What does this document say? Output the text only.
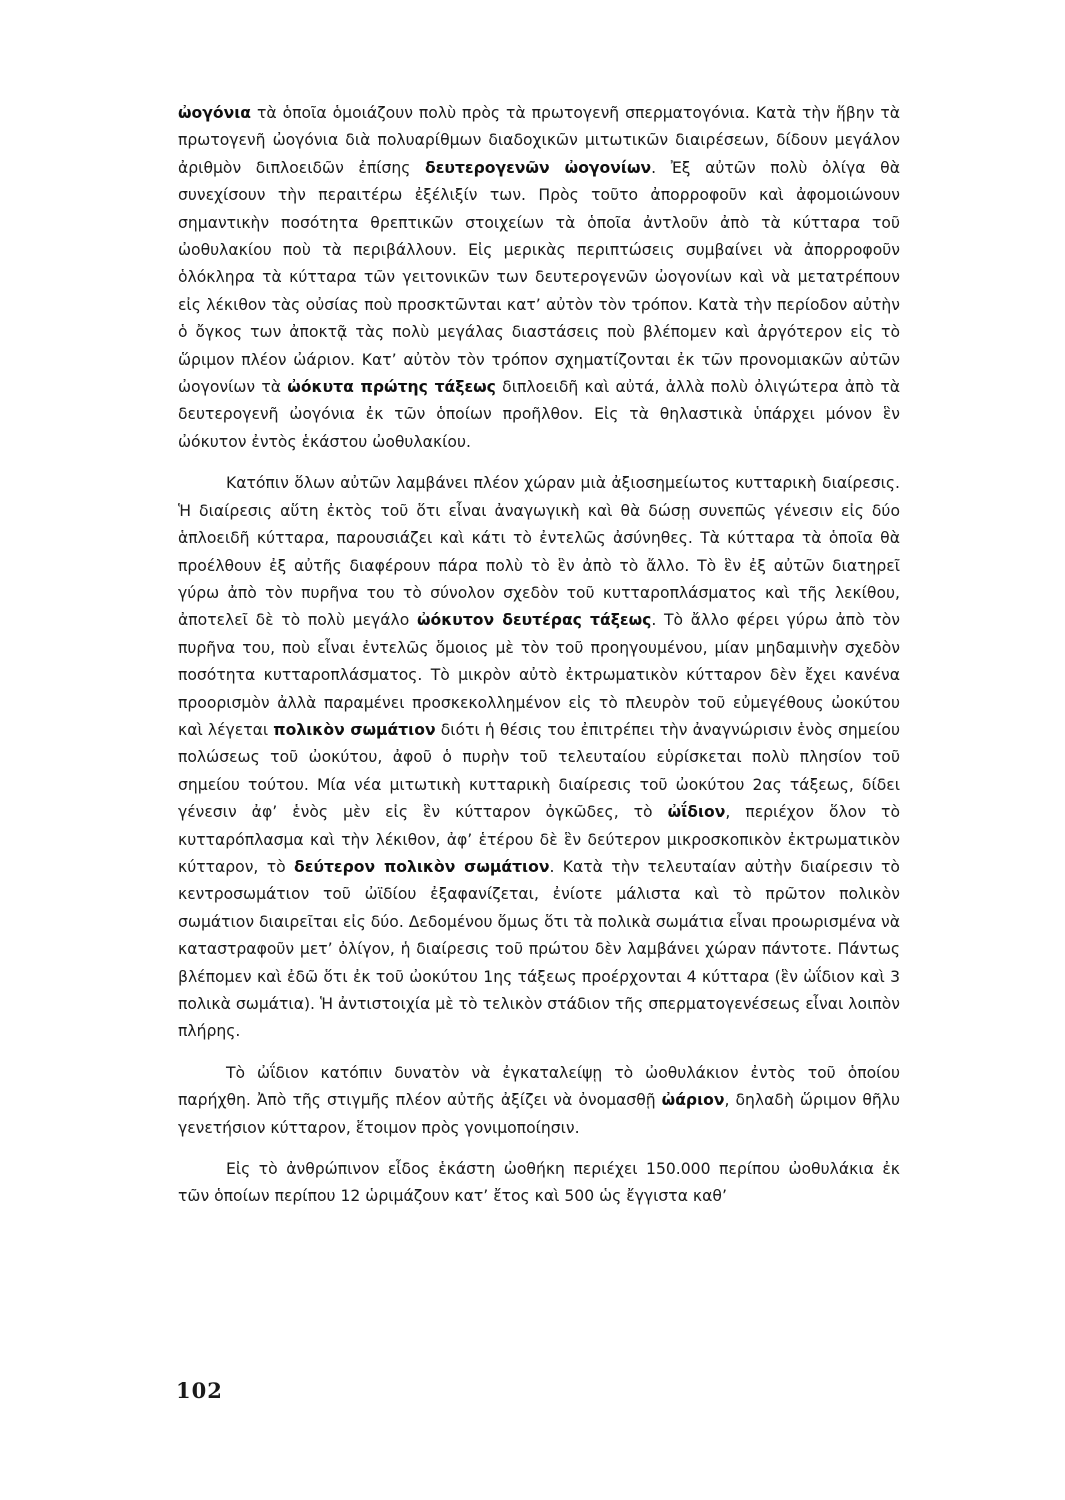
ὠογόνια τὰ ὁποῖα ὁμοιάζουν πολὺ πρὸς τὰ πρωτογενῆ σπερματογόνια. Κατὰ τὴν ἥβην τὰ πρωτογενῆ ὠογόνια διὰ πολυαρίθμων διαδοχικῶν μιτωτικῶν διαιρέσεων, δίδουν μεγάλον ἀριθμὸν διπλοειδῶν ἐπίσης δευτερογενῶν ὠογονίων. Ἐξ αὐτῶν πολὺ ὀλίγα θὰ συνεχίσουν τὴν περαιτέρω ἐξέλιξίν των. Πρὸς τοῦτο ἀπορροφοῦν καὶ ἀφομοιώνουν σημαντικὴν ποσότητα θρεπτικῶν στοιχείων τὰ ὁποῖα ἀντλοῦν ἀπὸ τὰ κύτταρα τοῦ ὠοθυλακίου ποὺ τὰ περιβάλλουν. Εἰς μερικὰς περιπτώσεις συμβαίνει νὰ ἀπορροφοῦν ὁλόκληρα τὰ κύτταρα τῶν γειτονικῶν των δευτερογενῶν ὠογονίων καὶ νὰ μετατρέπουν εἰς λέκιθον τὰς οὐσίας ποὺ προσκτῶνται κατ’ αὐτὸν τὸν τρόπον. Κατὰ τὴν περίοδον αὐτὴν ὁ ὄγκος των ἀποκτᾷ τὰς πολὺ μεγάλας διαστάσεις ποὺ βλέπομεν καὶ ἀργότερον εἰς τὸ ὥριμον πλέον ὠάριον. Κατ’ αὐτὸν τὸν τρόπον σχηματίζονται ἐκ τῶν προνομιακῶν αὐτῶν ὠογονίων τὰ ὠόκυτα πρώτης τάξεως διπλοειδῆ καὶ αὐτά, ἀλλὰ πολὺ ὀλιγώτερα ἀπὸ τὰ δευτερογενῆ ὠογόνια ἐκ τῶν ὁποίων προῆλθον. Εἰς τὰ θηλαστικὰ ὑπάρχει μόνον ἓν ὠόκυτον ἐντὸς ἑκάστου ὠοθυλακίου.

Κατόπιν ὅλων αὐτῶν λαμβάνει πλέον χώραν μιὰ ἀξιοσημείωτος κυτταρικὴ διαίρεσις. Ἡ διαίρεσις αὕτη ἐκτὸς τοῦ ὅτι εἶναι ἀναγωγικὴ καὶ θὰ δώσῃ συνεπῶς γένεσιν εἰς δύο ἁπλοειδῆ κύτταρα, παρουσιάζει καὶ κάτι τὸ ἐντελῶς ἀσύνηθες. Τὰ κύτταρα τὰ ὁποῖα θὰ προέλθουν ἐξ αὐτῆς διαφέρουν πάρα πολὺ τὸ ἓν ἀπὸ τὸ ἄλλο. Τὸ ἓν ἐξ αὐτῶν διατηρεῖ γύρω ἀπὸ τὸν πυρῆνα του τὸ σύνολον σχεδὸν τοῦ κυτταροπλάσματος καὶ τῆς λεκίθου, ἀποτελεῖ δὲ τὸ πολὺ μεγάλο ὠόκυτον δευτέρας τάξεως. Τὸ ἄλλο φέρει γύρω ἀπὸ τὸν πυρῆνα του, ποὺ εἶναι ἐντελῶς ὅμοιος μὲ τὸν τοῦ προηγουμένου, μίαν μηδαμινὴν σχεδὸν ποσότητα κυτταροπλάσματος. Τὸ μικρὸν αὐτὸ ἐκτρωματικὸν κύτταρον δὲν ἔχει κανένα προορισμὸν ἀλλὰ παραμένει προσκεκολλημένον εἰς τὸ πλευρὸν τοῦ εὐμεγέθους ὠοκύτου καὶ λέγεται πολικὸν σωμάτιον διότι ἡ θέσις του ἐπιτρέπει τὴν ἀναγνώρισιν ἑνὸς σημείου πολώσεως τοῦ ὠοκύτου, ἀφοῦ ὁ πυρὴν τοῦ τελευταίου εὑρίσκεται πολὺ πλησίον τοῦ σημείου τούτου. Μία νέα μιτωτικὴ κυτταρικὴ διαίρεσις τοῦ ὠοκύτου 2ας τάξεως, δίδει γένεσιν ἀφ’ ἑνὸς μὲν εἰς ἓν κύτταρον ὀγκῶδες, τὸ ὠΐδιον, περιέχον ὅλον τὸ κυτταρόπλασμα καὶ τὴν λέκιθον, ἀφ’ ἑτέρου δὲ ἓν δεύτερον μικροσκοπικὸν ἐκτρωματικὸν κύτταρον, τὸ δεύτερον πολικὸν σωμάτιον. Κατὰ τὴν τελευταίαν αὐτὴν διαίρεσιν τὸ κεντροσωμάτιον τοῦ ὠϊδίου ἐξαφανίζεται, ἐνίοτε μάλιστα καὶ τὸ πρῶτον πολικὸν σωμάτιον διαιρεῖται εἰς δύο. Δεδομένου ὅμως ὅτι τὰ πολικὰ σωμάτια εἶναι προωρισμένα νὰ καταστραφοῦν μετ’ ὀλίγον, ἡ διαίρεσις τοῦ πρώτου δὲν λαμβάνει χώραν πάντοτε. Πάντως βλέπομεν καὶ ἐδῶ ὅτι ἐκ τοῦ ὠοκύτου 1ης τάξεως προέρχονται 4 κύτταρα (ἓν ὠΐδιον καὶ 3 πολικὰ σωμάτια). Ἡ ἀντιστοιχία μὲ τὸ τελικὸν στάδιον τῆς σπερματογενέσεως εἶναι λοιπὸν πλήρης.

Τὸ ὠΐδιον κατόπιν δυνατὸν νὰ ἐγκαταλείψῃ τὸ ὠοθυλάκιον ἐντὸς τοῦ ὁποίου παρήχθη. Ἀπὸ τῆς στιγμῆς πλέον αὐτῆς ἀξίζει νὰ ὀνομασθῇ ὠάριον, δηλαδὴ ὥριμον θῆλυ γενετήσιον κύτταρον, ἕτοιμον πρὸς γονιμοποίησιν.

Εἰς τὸ ἀνθρώπινον εἶδος ἑκάστη ὠοθήκη περιέχει 150.000 περίπου ὠοθυλάκια ἐκ τῶν ὁποίων περίπου 12 ὡριμάζουν κατ’ ἔτος καὶ 500 ὡς ἔγγιστα καθ’

102
